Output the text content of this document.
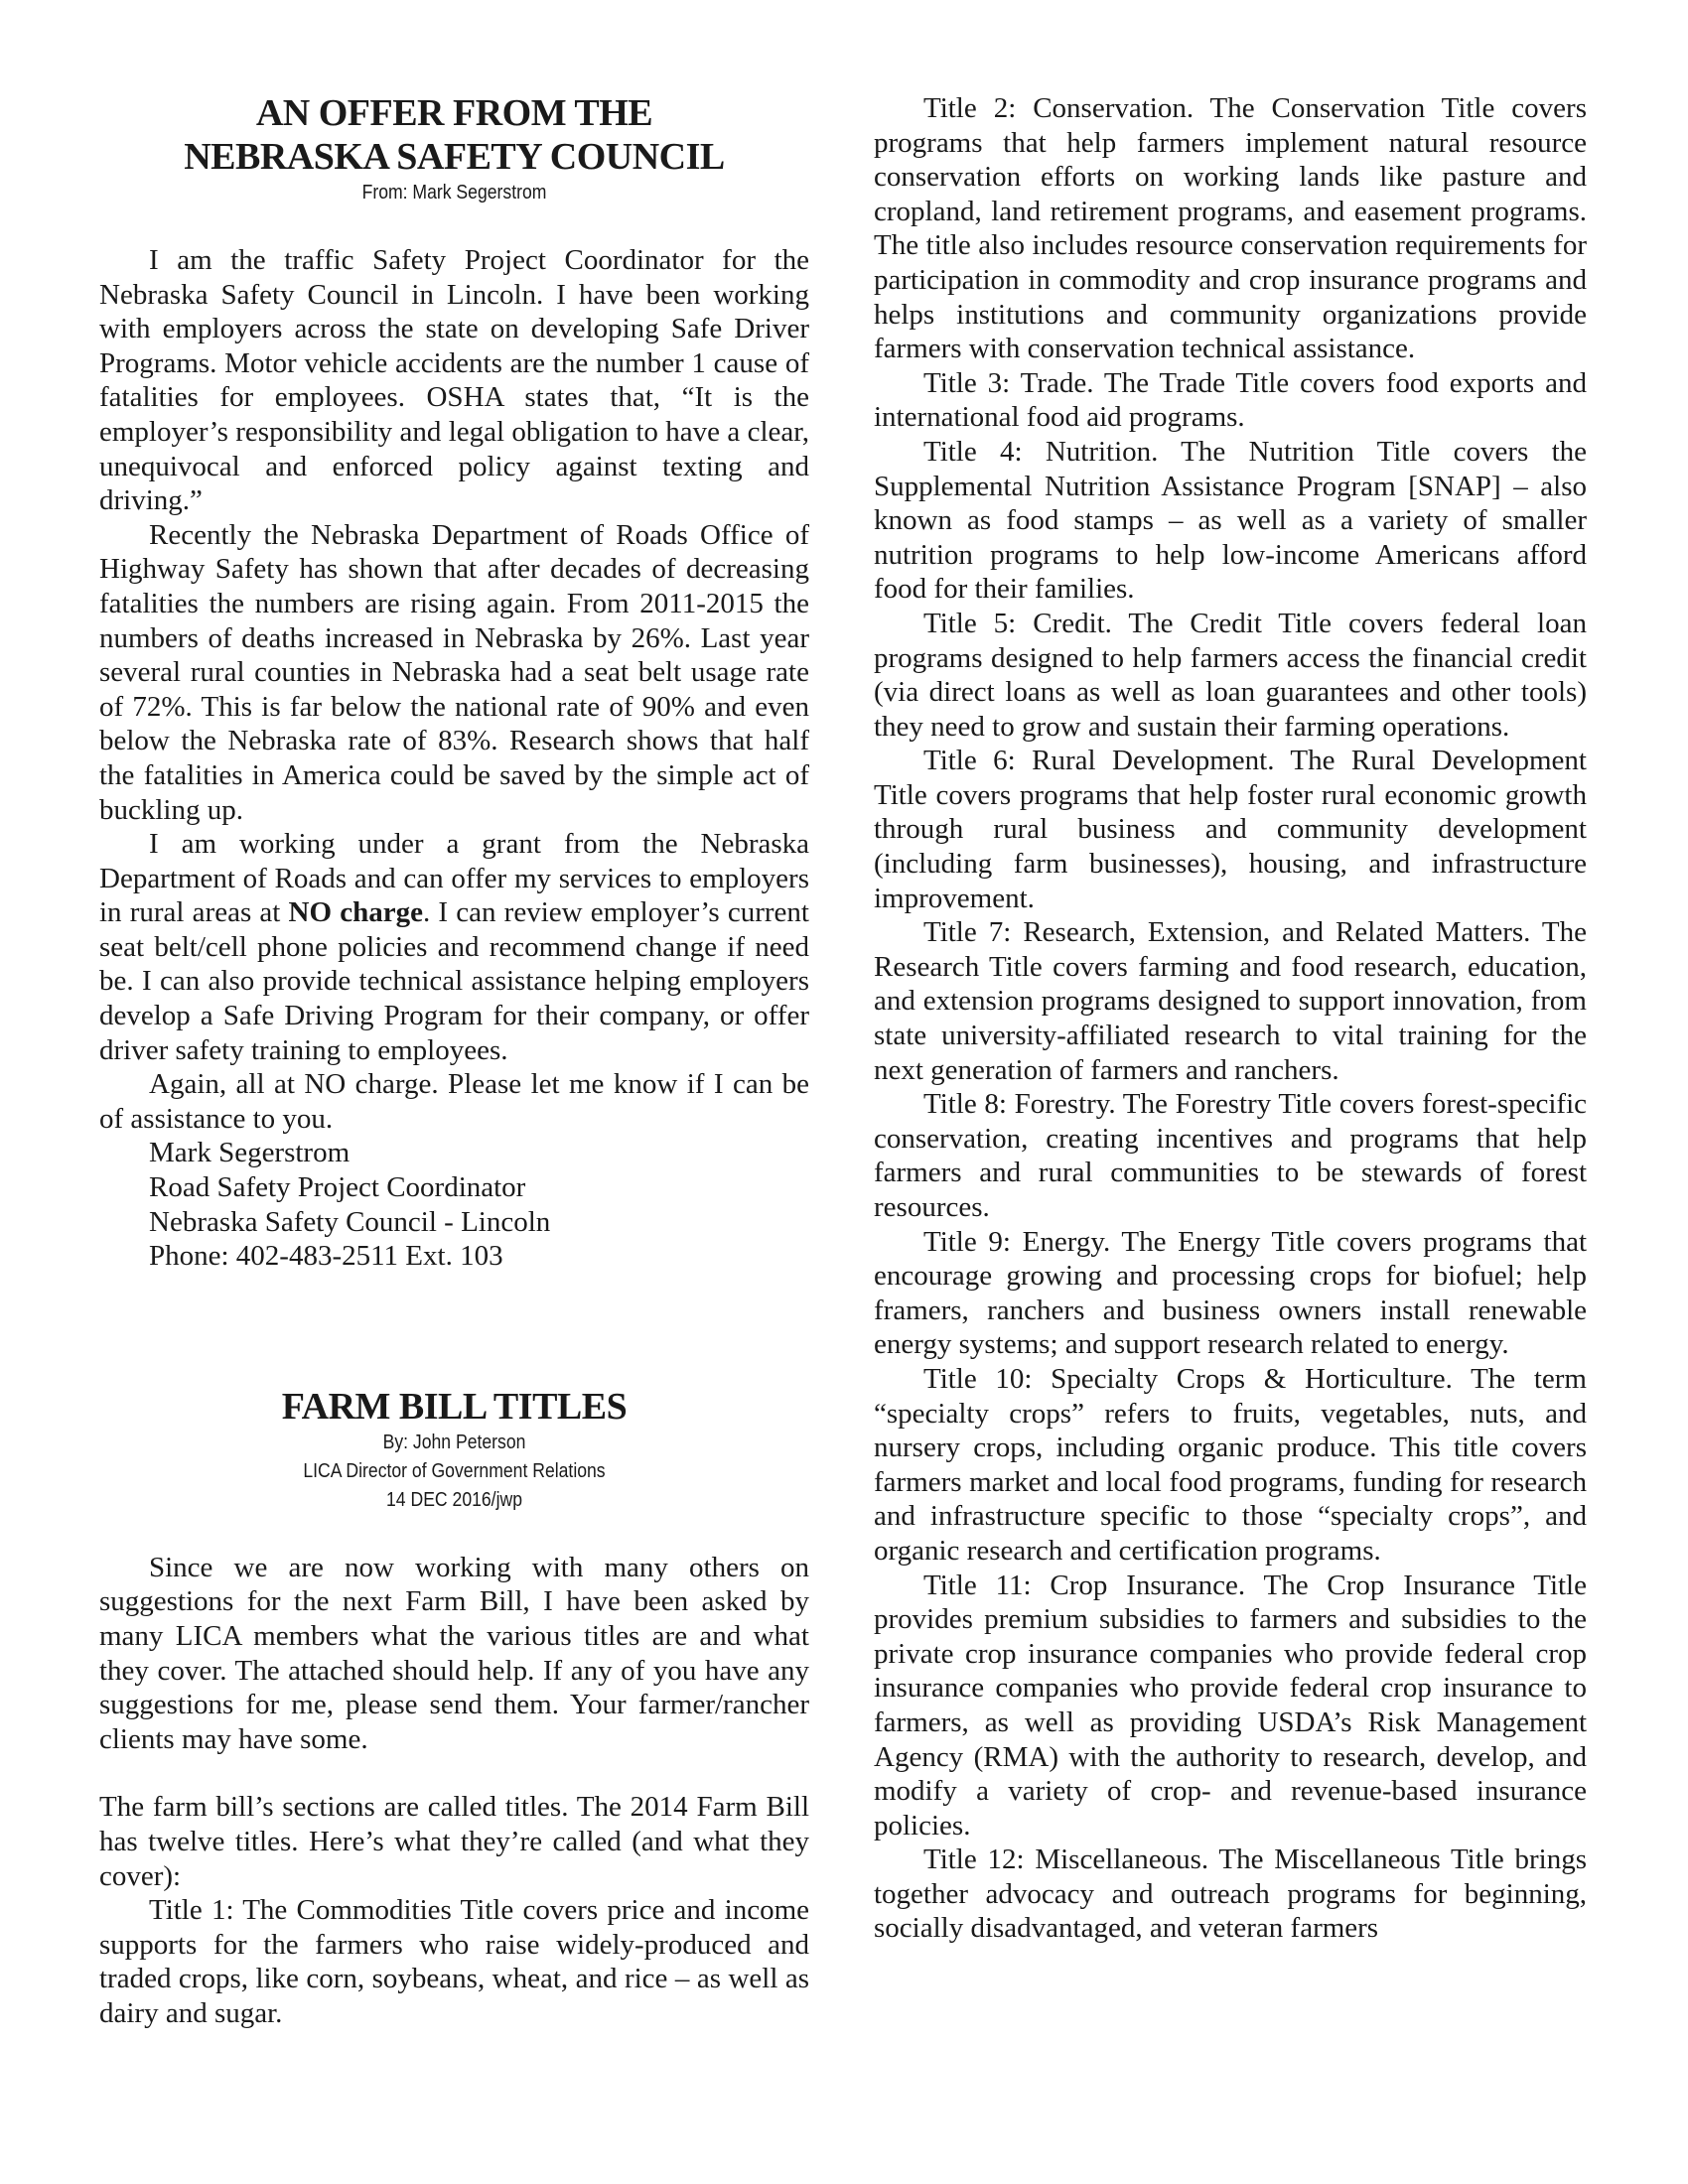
AN OFFER FROM THE
NEBRASKA SAFETY COUNCIL
From: Mark Segerstrom

I am the traffic Safety Project Coordinator for the Nebraska Safety Council in Lincoln. I have been working with employers across the state on developing Safe Driver Programs. Motor vehicle accidents are the number 1 cause of fatalities for employees. OSHA states that, “It is the employer’s responsibility and legal obligation to have a clear, unequivocal and enforced policy against texting and driving.”

Recently the Nebraska Department of Roads Office of Highway Safety has shown that after decades of decreasing fatalities the numbers are rising again. From 2011-2015 the numbers of deaths increased in Nebraska by 26%. Last year several rural counties in Nebraska had a seat belt usage rate of 72%. This is far below the national rate of 90% and even below the Nebraska rate of 83%. Research shows that half the fatalities in America could be saved by the simple act of buckling up.

I am working under a grant from the Nebraska Department of Roads and can offer my services to employers in rural areas at NO charge. I can review employer’s current seat belt/cell phone policies and recommend change if need be. I can also provide technical assistance helping employers develop a Safe Driving Program for their company, or offer driver safety training to employees.

Again, all at NO charge. Please let me know if I can be of assistance to you.

Mark Segerstrom
Road Safety Project Coordinator
Nebraska Safety Council - Lincoln
Phone: 402-483-2511 Ext. 103
FARM BILL TITLES
By: John Peterson
LICA Director of Government Relations
14 DEC 2016/jwp

Since we are now working with many others on suggestions for the next Farm Bill, I have been asked by many LICA members what the various titles are and what they cover. The attached should help. If any of you have any suggestions for me, please send them. Your farmer/rancher clients may have some.

The farm bill’s sections are called titles. The 2014 Farm Bill has twelve titles. Here’s what they’re called (and what they cover):

Title 1: The Commodities Title covers price and income supports for the farmers who raise widely-produced and traded crops, like corn, soybeans, wheat, and rice – as well as dairy and sugar.

Title 2: Conservation. The Conservation Title covers programs that help farmers implement natural resource conservation efforts on working lands like pasture and cropland, land retirement programs, and easement programs. The title also includes resource conservation requirements for participation in commodity and crop insurance programs and helps institutions and community organizations provide farmers with conservation technical assistance.

Title 3: Trade. The Trade Title covers food exports and international food aid programs.

Title 4: Nutrition. The Nutrition Title covers the Supplemental Nutrition Assistance Program [SNAP] – also known as food stamps – as well as a variety of smaller nutrition programs to help low-income Americans afford food for their families.

Title 5: Credit. The Credit Title covers federal loan programs designed to help farmers access the financial credit (via direct loans as well as loan guarantees and other tools) they need to grow and sustain their farming operations.

Title 6: Rural Development. The Rural Development Title covers programs that help foster rural economic growth through rural business and community development (including farm businesses), housing, and infrastructure improvement.

Title 7: Research, Extension, and Related Matters. The Research Title covers farming and food research, education, and extension programs designed to support innovation, from state university-affiliated research to vital training for the next generation of farmers and ranchers.

Title 8: Forestry. The Forestry Title covers forest-specific conservation, creating incentives and programs that help farmers and rural communities to be stewards of forest resources.

Title 9: Energy. The Energy Title covers programs that encourage growing and processing crops for biofuel; help framers, ranchers and business owners install renewable energy systems; and support research related to energy.

Title 10: Specialty Crops & Horticulture. The term “specialty crops” refers to fruits, vegetables, nuts, and nursery crops, including organic produce. This title covers farmers market and local food programs, funding for research and infrastructure specific to those “specialty crops”, and organic research and certification programs.

Title 11: Crop Insurance. The Crop Insurance Title provides premium subsidies to farmers and subsidies to the private crop insurance companies who provide federal crop insurance companies who provide federal crop insurance to farmers, as well as providing USDA’s Risk Management Agency (RMA) with the authority to research, develop, and modify a variety of crop- and revenue-based insurance policies.

Title 12: Miscellaneous. The Miscellaneous Title brings together advocacy and outreach programs for beginning, socially disadvantaged, and veteran farmers
